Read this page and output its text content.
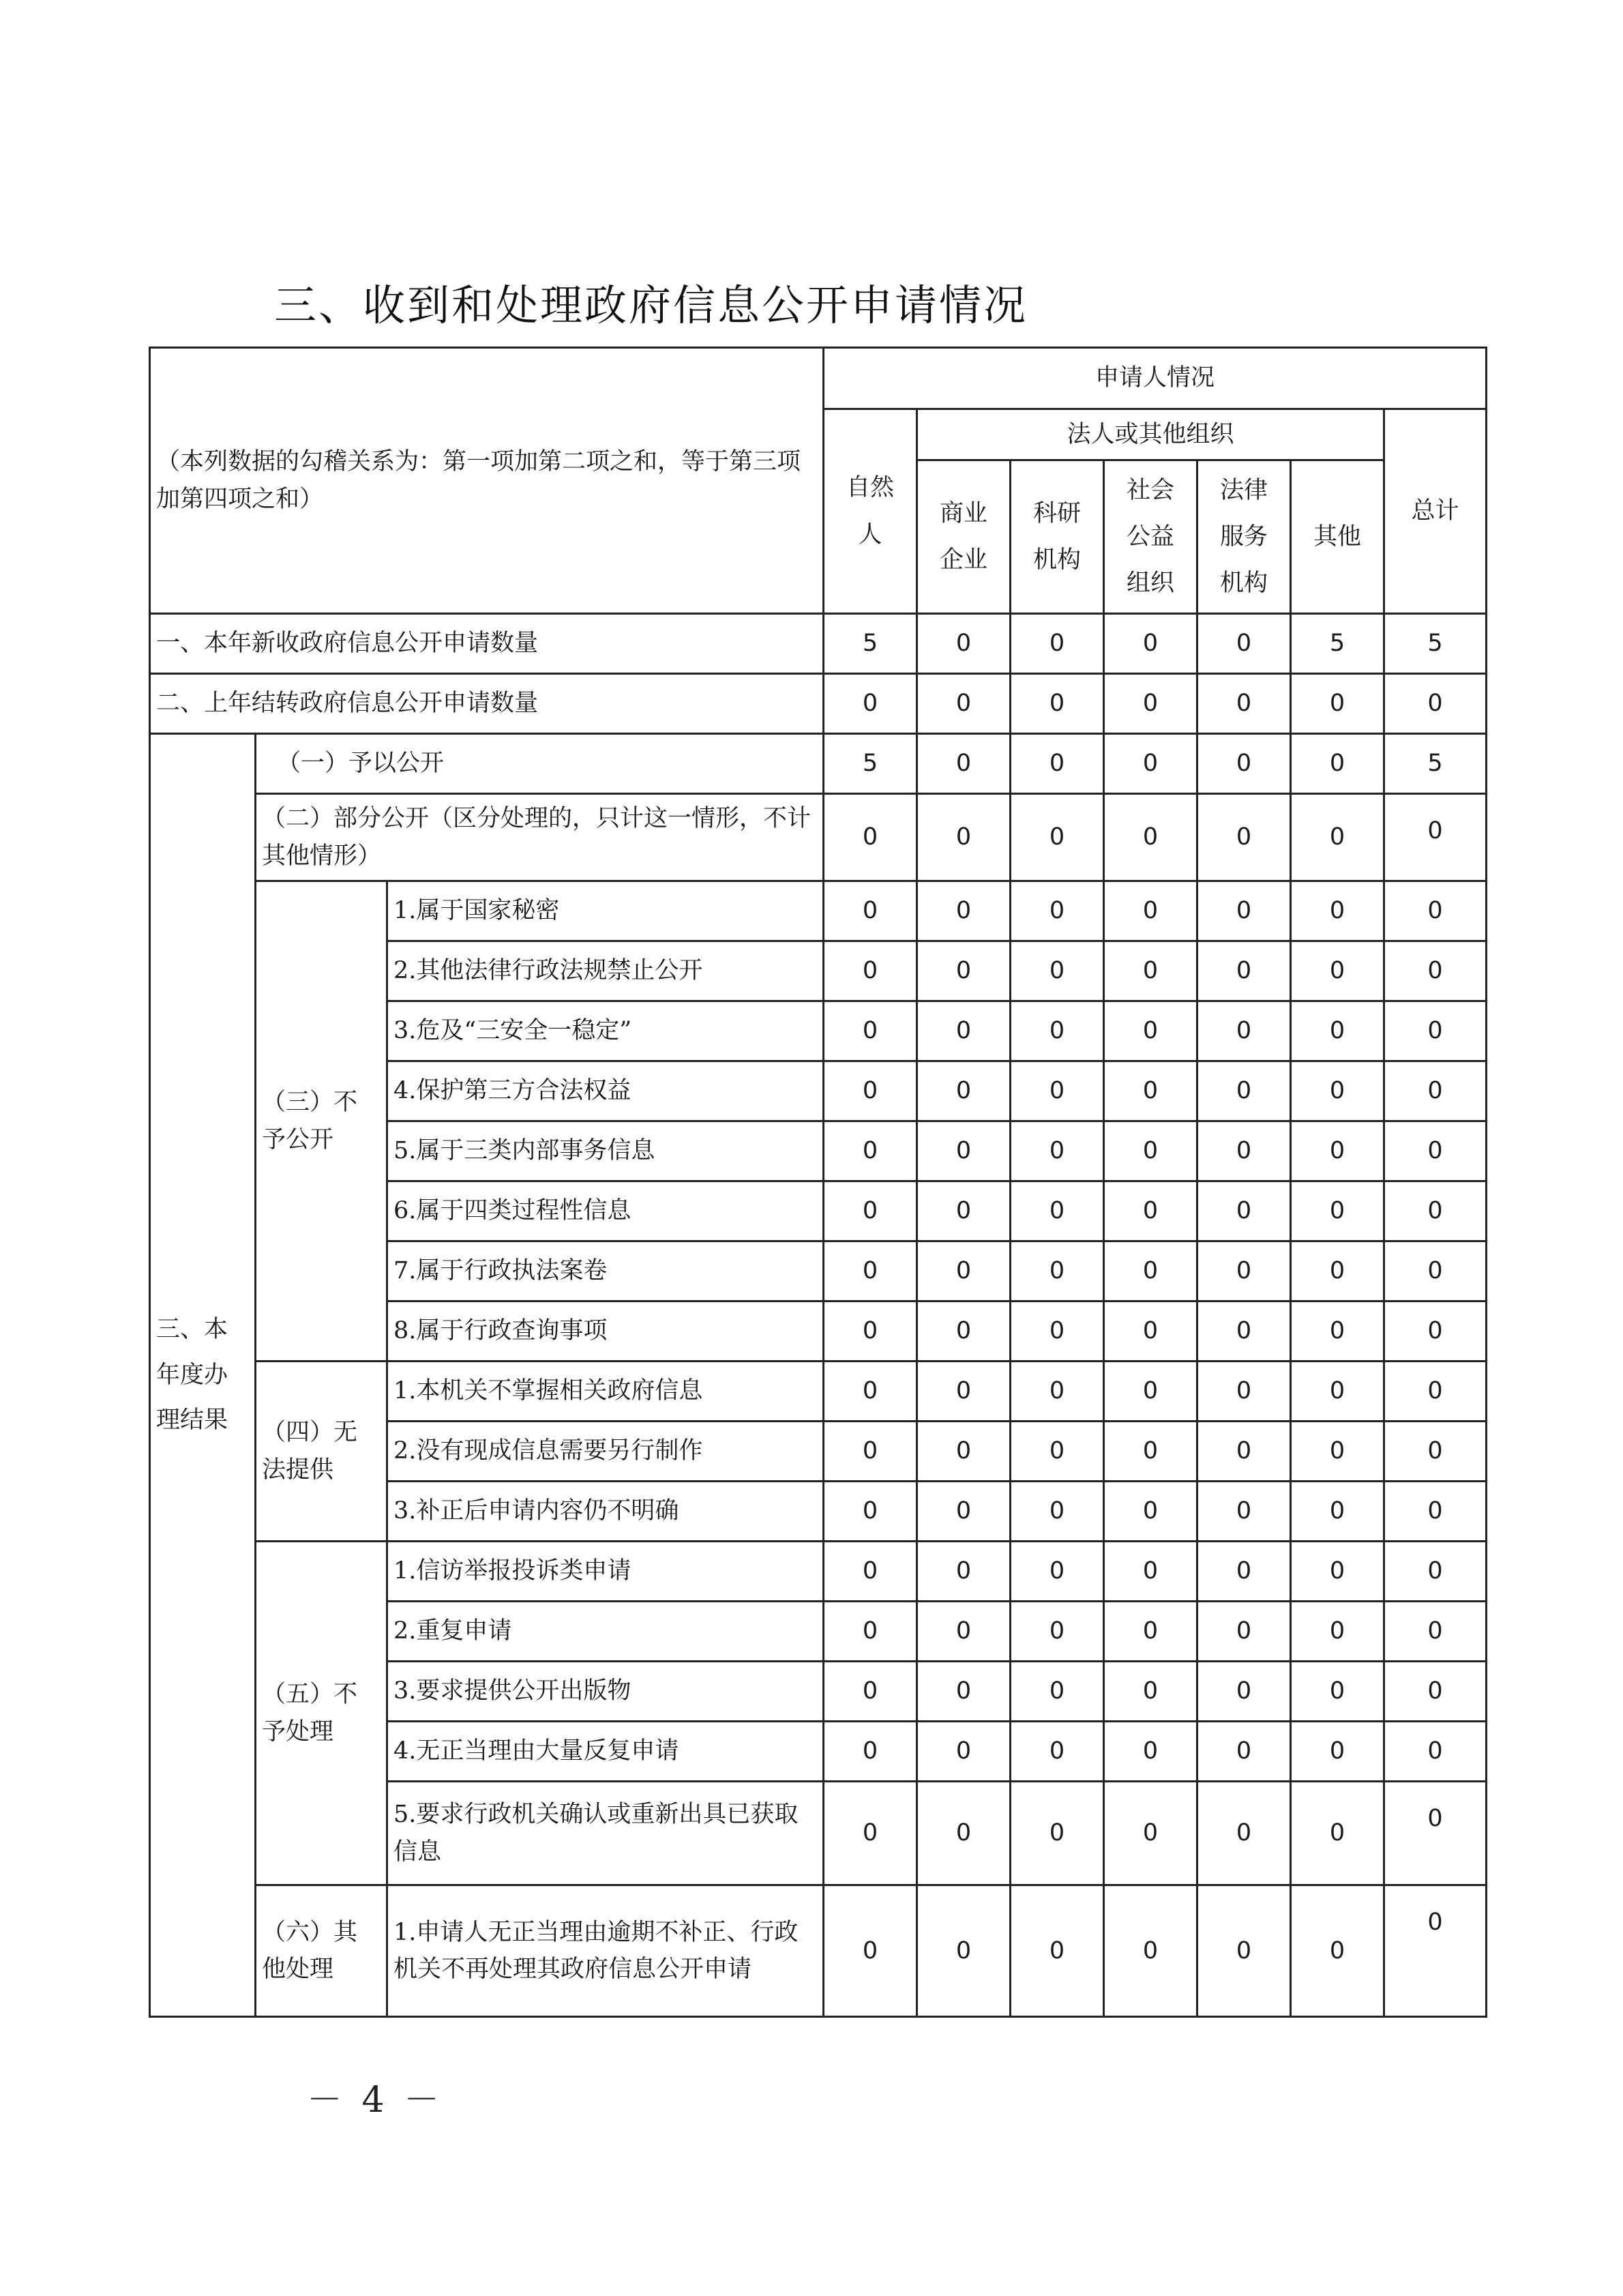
三、收到和处理政府信息公开申请情况
（本列数据的勾稽关系为：第一项加第二项之和，等于第三项加第四项之和）			申请人情况						
			自然人	法人或其他组织					总计
				商业企业	科研机构	社会公益组织	法律服务机构	其他	
一、本年新收政府信息公开申请数量			5	0	0	0	0	5	5
二、上年结转政府信息公开申请数量			0	0	0	0	0	0	0
三、本年度办理结果	（一）予以公开		5	0	0	0	0	0	5
	（二）部分公开（区分处理的，只计这一情形，不计其他情形）		0	0	0	0	0	0	0
	（三）不予公开	1.属于国家秘密	0	0	0	0	0	0	0
		2.其他法律行政法规禁止公开	0	0	0	0	0	0	0
		3.危及“三安全一稳定”	0	0	0	0	0	0	0
		4.保护第三方合法权益	0	0	0	0	0	0	0
		5.属于三类内部事务信息	0	0	0	0	0	0	0
		6.属于四类过程性信息	0	0	0	0	0	0	0
		7.属于行政执法案卷	0	0	0	0	0	0	0
		8.属于行政查询事项	0	0	0	0	0	0	0
	（四）无法提供	1.本机关不掌握相关政府信息	0	0	0	0	0	0	0
		2.没有现成信息需要另行制作	0	0	0	0	0	0	0
		3.补正后申请内容仍不明确	0	0	0	0	0	0	0
	（五）不予处理	1.信访举报投诉类申请	0	0	0	0	0	0	0
		2.重复申请	0	0	0	0	0	0	0
		3.要求提供公开出版物	0	0	0	0	0	0	0
		4.无正当理由大量反复申请	0	0	0	0	0	0	0
		5.要求行政机关确认或重新出具已获取信息	0	0	0	0	0	0	0
	（六）其他处理	1.申请人无正当理由逾期不补正、行政机关不再处理其政府信息公开申请	0	0	0	0	0	0	0
－ 4 －
